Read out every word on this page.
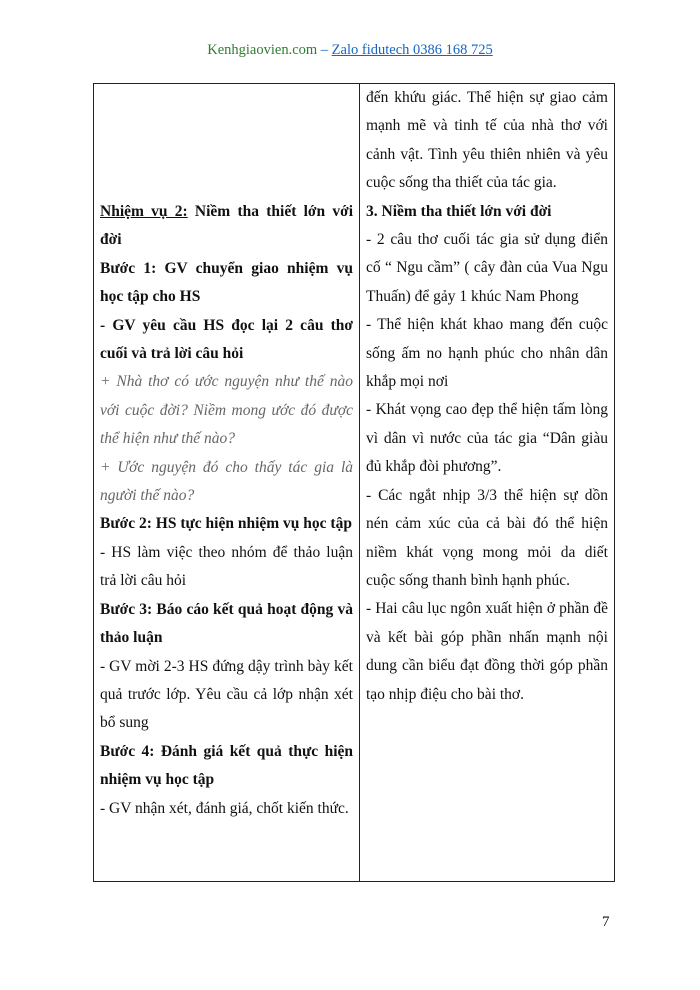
Kenhgiaovien.com – Zalo fidutech 0386 168 725

Nhiệm vụ 2: Niềm tha thiết lớn với đời

Bước 1: GV chuyển giao nhiệm vụ học tập cho HS

- GV yêu cầu HS đọc lại 2 câu thơ cuối và trả lời câu hỏi

+ Nhà thơ có ước nguyện như thế nào với cuộc đời? Niềm mong ước đó được thể hiện như thế nào?

+ Ước nguyện đó cho thấy tác gia là người thế nào?

Bước 2: HS tực hiện nhiệm vụ học tập

- HS làm việc theo nhóm để thảo luận trả lời câu hỏi

Bước 3: Báo cáo kết quả hoạt động và thảo luận

- GV mời 2-3 HS đứng dậy trình bày kết quả trước lớp. Yêu cầu cả lớp nhận xét bổ sung

Bước 4: Đánh giá kết quả thực hiện nhiệm vụ học tập

- GV nhận xét, đánh giá, chốt kiến thức.

đến khứu giác. Thể hiện sự giao cảm mạnh mẽ và tinh tế của nhà thơ với cảnh vật. Tình yêu thiên nhiên và yêu cuộc sống tha thiết của tác gia.

3. Niềm tha thiết lớn với đời

- 2 câu thơ cuối tác gia sử dụng điển cố “ Ngu cầm” ( cây đàn của Vua Ngu Thuấn) để gảy 1 khúc Nam Phong

- Thể hiện khát khao mang đến cuộc sống ấm no hạnh phúc cho nhân dân khắp mọi nơi

- Khát vọng cao đẹp thể hiện tấm lòng vì dân vì nước của tác gia “Dân giàu đủ khắp đòi phương”.

- Các ngắt nhịp 3/3 thể hiện sự dồn nén cảm xúc của cả bài đó thể hiện niềm khát vọng mong mỏi da diết cuộc sống thanh bình hạnh phúc.

- Hai câu lục ngôn xuất hiện ở phần đề và kết bài góp phần nhấn mạnh nội dung cần biểu đạt đồng thời góp phần tạo nhịp điệu cho bài thơ.

7
